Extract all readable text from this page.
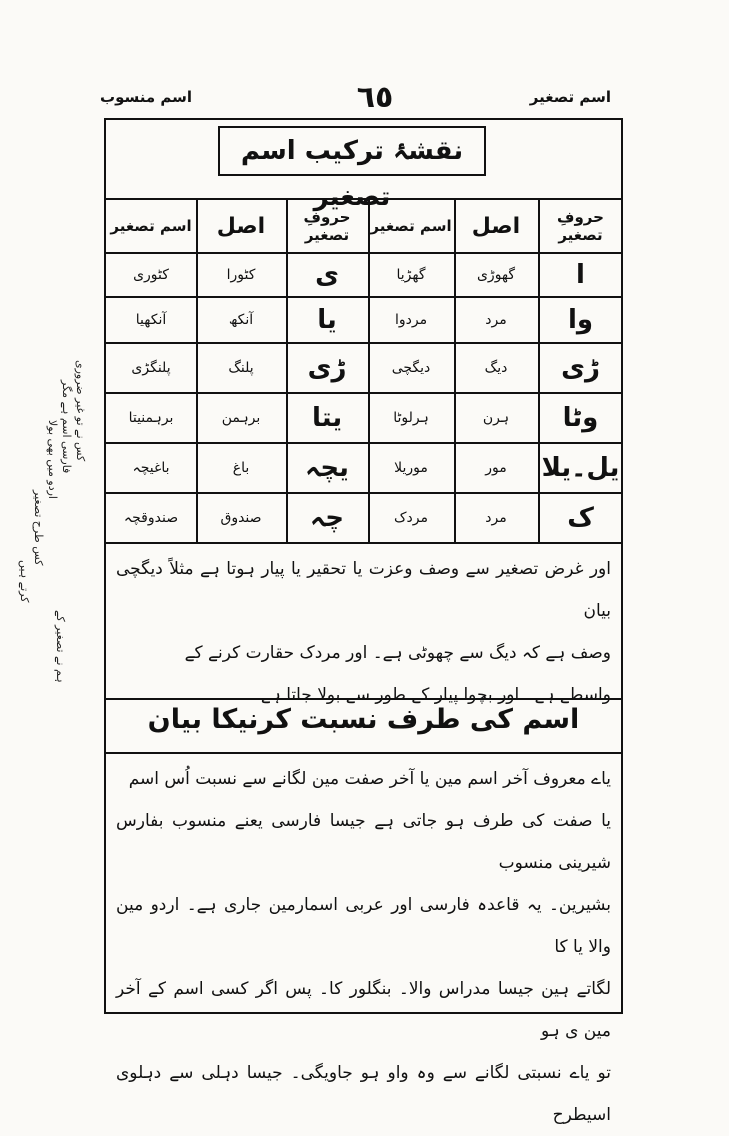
اسم تصغیر
٦٥
اسم منسوب
کس نے تو غیر ضروری
فارسی اسم ہے مگر
اردو میں بھی بولا
کس طرح تصغیر
کرتے ہیں
ہم نے تصغیر کے
نقشۂ ترکیب اسم تصغیر
حروفِ تصغیر
اصل
اسم تصغیر
حروفِ تصغیر
اصل
اسم تصغیر
ا
گھوڑی
گھڑیا
ی
کٹورا
کٹوری
وا
مرد
مردوا
یا
آنکھ
آنکھیا
ڑی
دیگ
دیگچی
ڑی
پلنگ
پلنگڑی
وٹا
ہرن
ہرلوٹا
یتا
برہمن
برہمنیتا
یل۔یلا
مور
موریلا
یچہ
باغ
باغیچہ
ک
مرد
مردک
چہ
صندوق
صندوقچہ
اور غرض تصغیر سے وصف وعزت یا تحقیر یا پیار ہوتا ہے مثلاً دیگچی بیان
وصف ہے کہ دیگ سے چھوٹی ہے۔ اور مردک حقارت کرنے کے
واسطے ہے۔ اور بچوا پیار کے طور سے بولا جاتا ہے۔
اسم کی طرف نسبت کرنیکا بیان
یاے معروف آخر اسم مین یا آخر صفت مین لگانے سے نسبت اُس اسم
یا صفت کی طرف ہو جاتی ہے جیسا فارسی یعنے منسوب بفارس شیرینی منسوب
بشیرین۔ یہ قاعدہ فارسی اور عربی اسمارمین جاری ہے۔ اردو مین والا یا کا
لگاتے ہین جیسا مدراس والا۔ بنگلور کا۔ پس اگر کسی اسم کے آخر مین ی ہو
تو یاے نسبتی لگانے سے وہ واو ہو جاویگی۔ جیسا دہلی سے دہلوی اسیطرح
